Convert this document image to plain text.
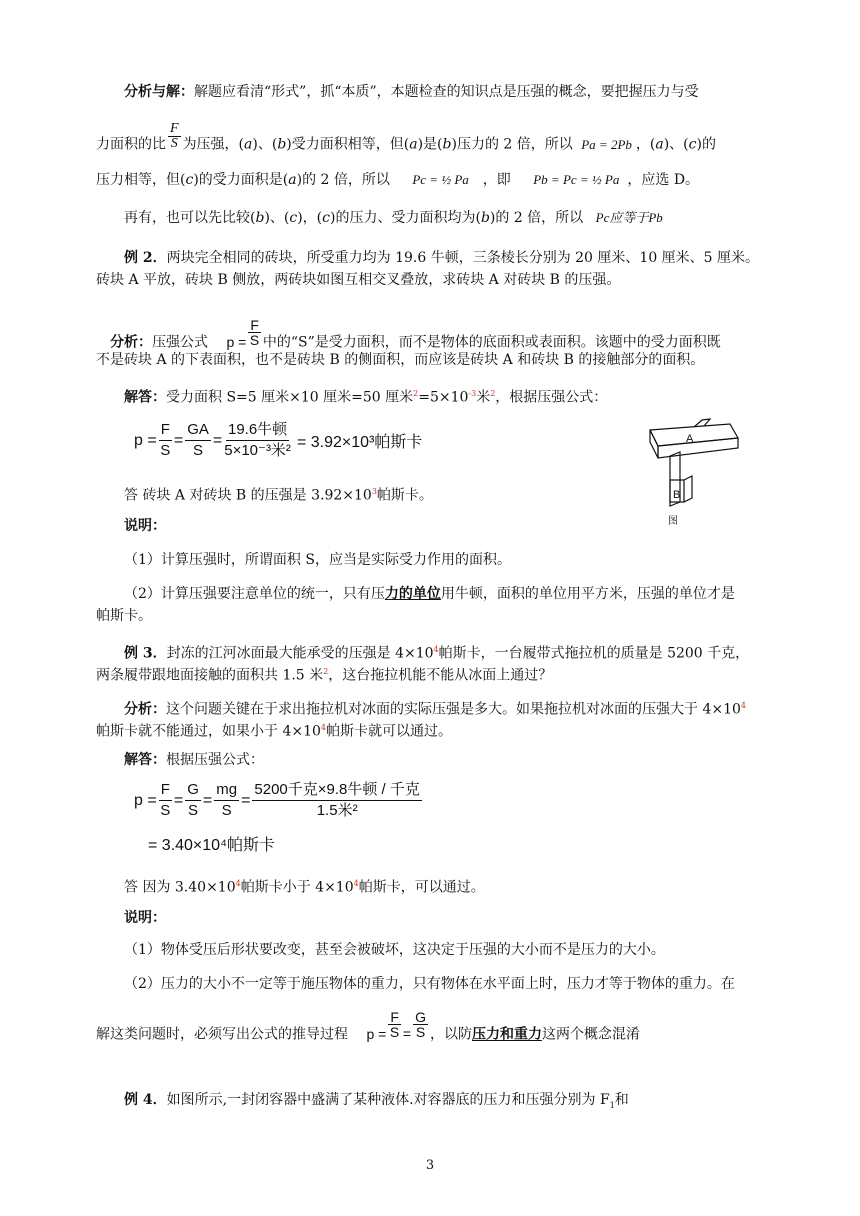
分析与解：解题应看清“形式”，抓“本质”，本题检查的知识点是压强的概念，要把握压力与受
力面积的比 $\frac{F}{S}$ 为压强，(a)、(b)受力面积相等，但(a)是(b)压力的 2 倍，所以 Pa = 2Pb ，(a)、(c)的
压力相等，但(c)的受力面积是(a)的 2 倍，所以 Pc = ½ Pa ，即 Pb = Pc = ½ Pa ，应选 D。
再有，也可以先比较(b)、(c)，(c)的压力、受力面积均为(b)的 2 倍，所以 Pc应等于Pb
例 2．两块完全相同的砖块，所受重力均为 19.6 牛顿，三条棱长分别为 20 厘米、10 厘米、5 厘米。
砖块 A 平放，砖块 B 侧放，两砖块如图互相交叉叠放，求砖块 A 对砖块 B 的压强。
分析：压强公式 $p = \frac{F}{S}$ 中的“S”是受力面积，而不是物体的底面积或表面积。该题中的受力面积既
不是砖块 A 的下表面积，也不是砖块 B 的侧面积，而应该是砖块 A 和砖块 B 的接触部分的面积。
解答：受力面积 S=5 厘米×10 厘米=50 厘米$^2=5\times 10^{-3}$米$^2$，根据压强公式：
$p = \frac{F}{S} = \frac{GA}{S} = \frac{\text{19.6牛顿}}{\text{5×10⁻³米²}} = 3.92\times 10^3$帕斯卡
答 砖块 A 对砖块 B 的压强是 $3.92\times 10^3$帕斯卡。
A
B
图
说明：
（1）计算压强时，所谓面积 S，应当是实际受力作用的面积。
（2）计算压强要注意单位的统一，只有压力的单位用牛顿，面积的单位用平方米，压强的单位才是
帕斯卡。
例 3．封冻的江河冰面最大能承受的压强是 $4\times 10^4$帕斯卡，一台履带式拖拉机的质量是 5200 千克，
两条履带跟地面接触的面积共 1.5 米$^2$，这台拖拉机能不能从冰面上通过？
分析：这个问题关键在于求出拖拉机对冰面的实际压强是多大。如果拖拉机对冰面的压强大于 $4\times 10^4$
帕斯卡就不能通过，如果小于 $4\times 10^4$帕斯卡就可以通过。
解答：根据压强公式：
$p = \frac{F}{S} = \frac{G}{S} = \frac{mg}{S} = \frac{\text{5200千克×9.8牛顿 / 千克}}{\text{1.5米²}}$
= 3.40×10⁴帕斯卡
答 因为 $3.40\times 10^4$帕斯卡小于 $4\times 10^4$帕斯卡，可以通过。
说明：
（1）物体受压后形状要改变，甚至会被破坏，这决定于压强的大小而不是压力的大小。
（2）压力的大小不一定等于施压物体的重力，只有物体在水平面上时，压力才等于物体的重力。在
解这类问题时，必须写出公式的推导过程 $p = \frac{F}{S} = \frac{G}{S}$ ，以防压力和重力这两个概念混淆
例 4．如图所示,一封闭容器中盛满了某种液体.对容器底的压力和压强分别为 $F_1$和
3
